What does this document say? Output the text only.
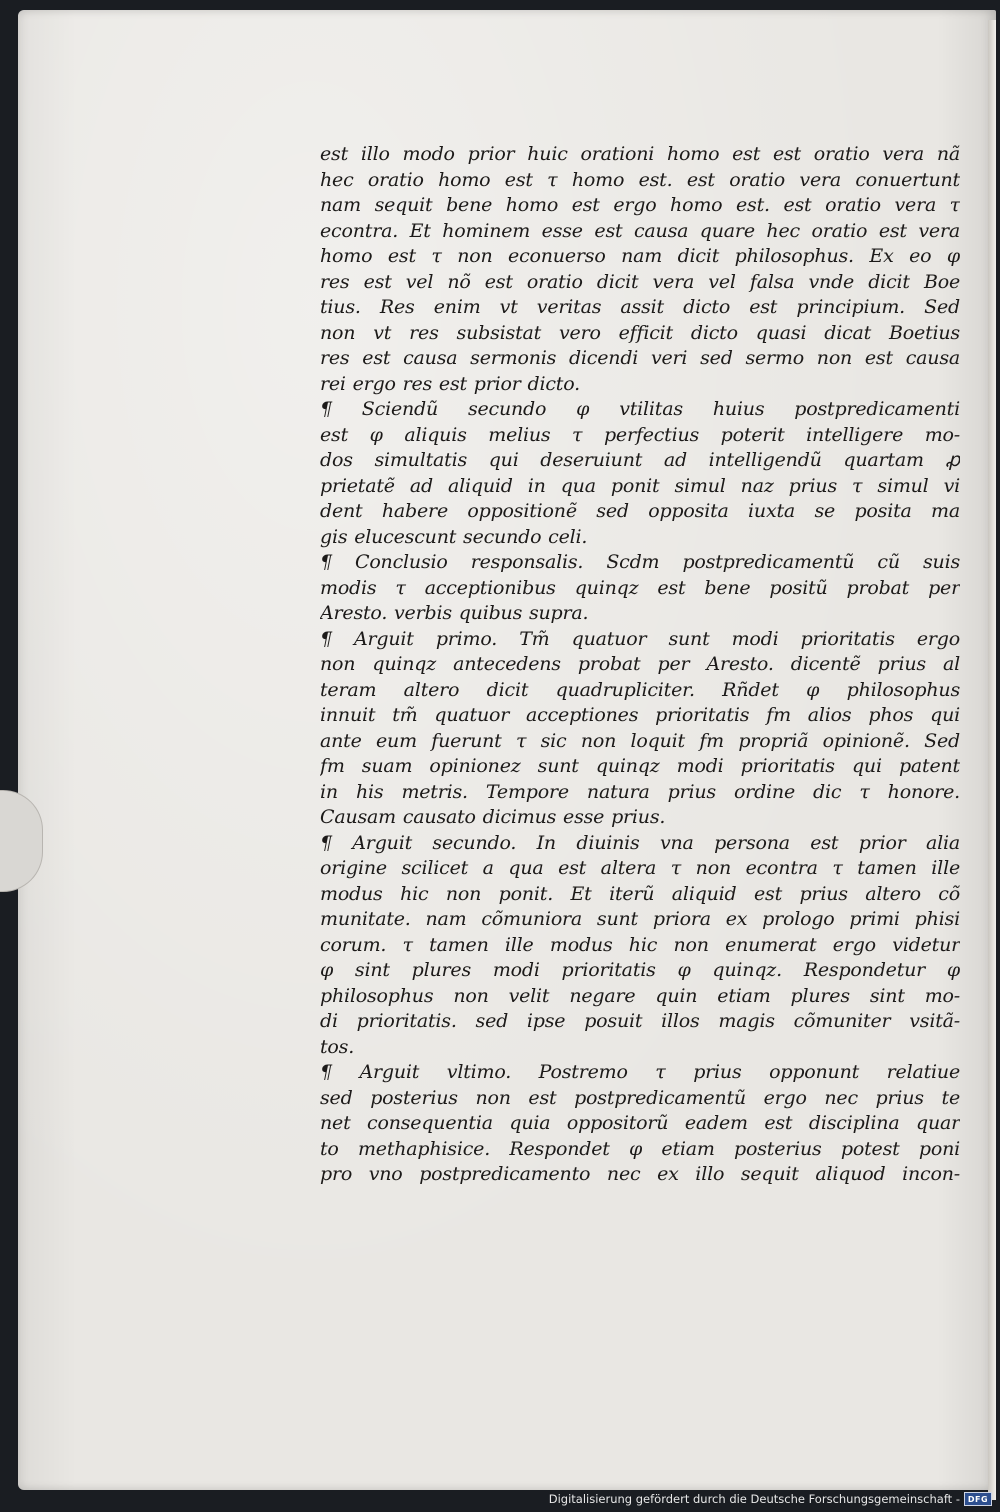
est illo modo prior huic orationi homo est est oratio vera nã
hec oratio homo est τ homo est. est oratio vera conuertunt
nam sequit bene homo est ergo homo est. est oratio vera τ
econtra. Et hominem esse est causa quare hec oratio est vera
homo est τ non econuerso nam dicit philosophus. Ex eo φ
res est vel nõ est oratio dicit vera vel falsa vnde dicit Boe
tius. Res enim vt veritas assit dicto est principium. Sed
non vt res subsistat vero efficit dicto quasi dicat Boetius
res est causa sermonis dicendi veri sed sermo non est causa
rei ergo res est prior dicto.
¶ Sciendũ secundo φ vtilitas huius postpredicamenti
est φ aliquis melius τ perfectius poterit intelligere mo-
dos simultatis qui deseruiunt ad intelligendũ quartam ꝓ
prietatẽ ad aliquid in qua ponit simul naz prius τ simul vi
dent habere oppositionẽ sed opposita iuxta se posita ma
gis elucescunt secundo celi.
¶ Conclusio responsalis. Scdm postpredicamentũ cũ suis
modis τ acceptionibus quinqz est bene positũ probat per
Aresto. verbis quibus supra.
¶ Arguit primo. Tm̃ quatuor sunt modi prioritatis ergo
non quinqz antecedens probat per Aresto. dicentẽ prius al
teram altero dicit quadrupliciter. Rñdet φ philosophus
innuit tm̃ quatuor acceptiones prioritatis fm alios phos qui
ante eum fuerunt τ sic non loquit fm propriã opinionẽ. Sed
fm suam opinionez sunt quinqz modi prioritatis qui patent
in his metris. Tempore natura prius ordine dic τ honore.
Causam causato dicimus esse prius.
¶ Arguit secundo. In diuinis vna persona est prior alia
origine scilicet a qua est altera τ non econtra τ tamen ille
modus hic non ponit. Et iterũ aliquid est prius altero cõ
munitate. nam cõmuniora sunt priora ex prologo primi phisi
corum. τ tamen ille modus hic non enumerat ergo videtur
φ sint plures modi prioritatis φ quinqz. Respondetur φ
philosophus non velit negare quin etiam plures sint mo-
di prioritatis. sed ipse posuit illos magis cõmuniter vsitã-
tos.
¶ Arguit vltimo. Postremo τ prius opponunt relatiue
sed posterius non est postpredicamentũ ergo nec prius te
net consequentia quia oppositorũ eadem est disciplina quar
to methaphisice. Respondet φ etiam posterius potest poni
pro vno postpredicamento nec ex illo sequit aliquod incon-

Digitalisierung gefördert durch die Deutsche Forschungsgemeinschaft - DFG
